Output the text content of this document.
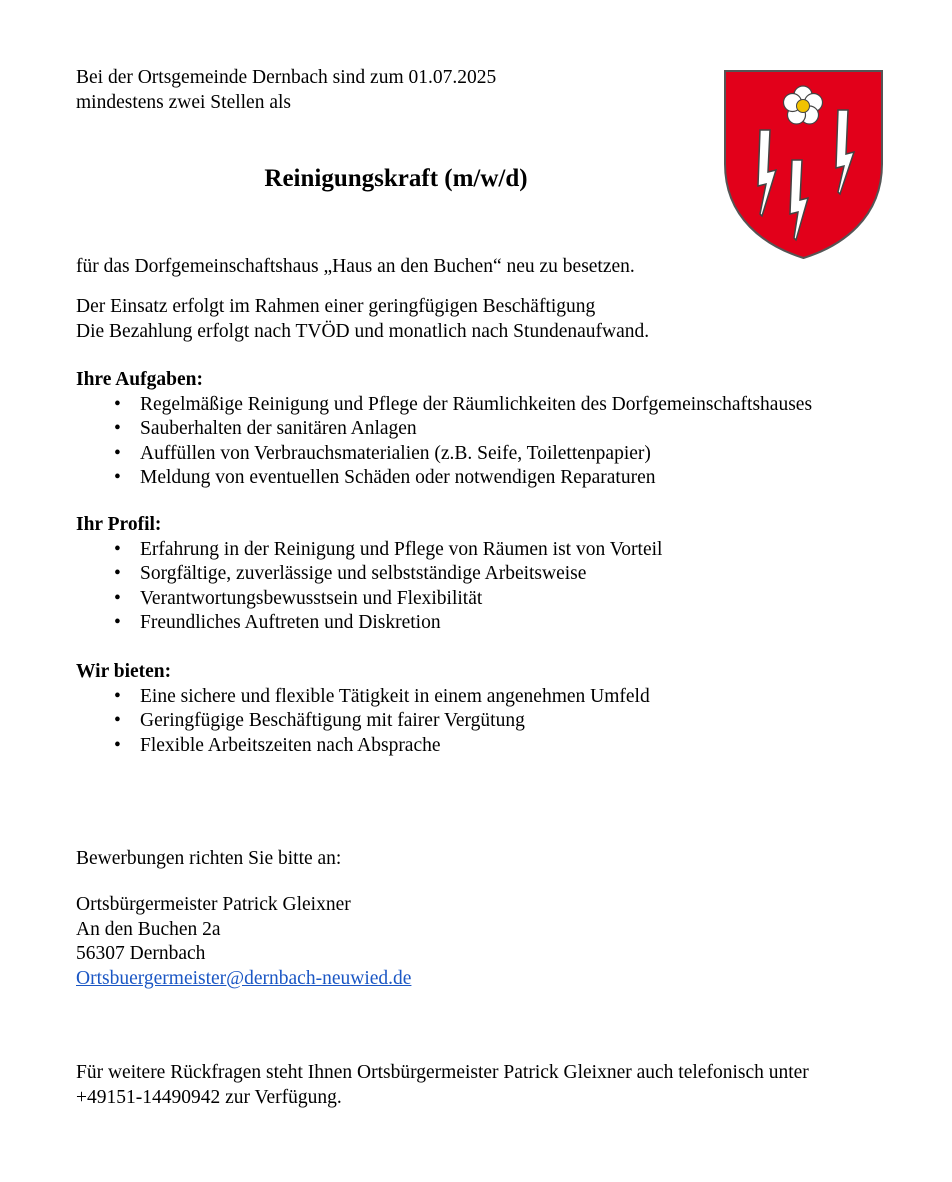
Bei der Ortsgemeinde Dernbach sind zum 01.07.2025
mindestens zwei Stellen als
Reinigungskraft (m/w/d)
für das Dorfgemeinschaftshaus „Haus an den Buchen“ neu zu besetzen.
Der Einsatz erfolgt im Rahmen einer geringfügigen Beschäftigung
Die Bezahlung erfolgt nach TVÖD und monatlich nach Stundenaufwand.
Ihre Aufgaben:
• Regelmäßige Reinigung und Pflege der Räumlichkeiten des Dorfgemeinschaftshauses
• Sauberhalten der sanitären Anlagen
• Auffüllen von Verbrauchsmaterialien (z.B. Seife, Toilettenpapier)
• Meldung von eventuellen Schäden oder notwendigen Reparaturen
Ihr Profil:
• Erfahrung in der Reinigung und Pflege von Räumen ist von Vorteil
• Sorgfältige, zuverlässige und selbstständige Arbeitsweise
• Verantwortungsbewusstsein und Flexibilität
• Freundliches Auftreten und Diskretion
Wir bieten:
• Eine sichere und flexible Tätigkeit in einem angenehmen Umfeld
• Geringfügige Beschäftigung mit fairer Vergütung
• Flexible Arbeitszeiten nach Absprache
Bewerbungen richten Sie bitte an:
Ortsbürgermeister Patrick Gleixner
An den Buchen 2a
56307 Dernbach
Ortsbuergermeister@dernbach-neuwied.de
Für weitere Rückfragen steht Ihnen Ortsbürgermeister Patrick Gleixner auch telefonisch unter
+49151-14490942 zur Verfügung.
